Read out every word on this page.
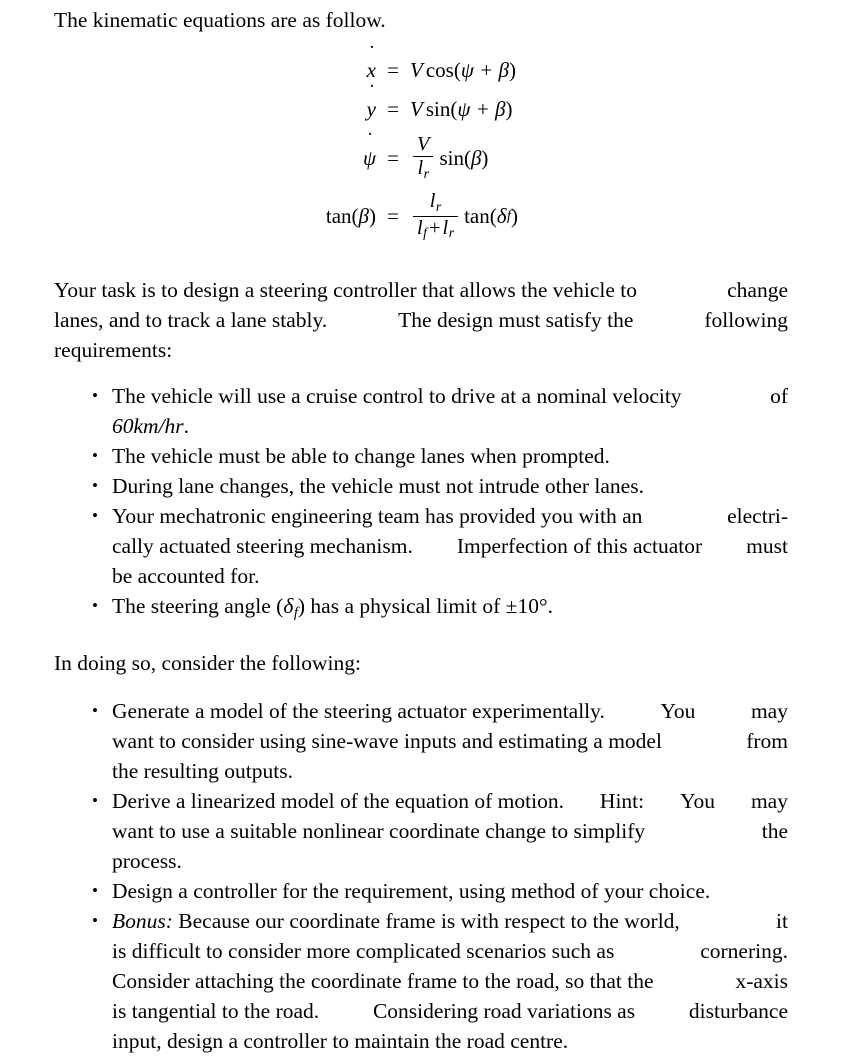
The kinematic equations are as follow.

x ˙ = V cos ( ψ + β )
y ˙ = V sin ( ψ + β )
ψ ˙ = $\frac{V}{l_r}$ sin ( β )
$\tan(\beta) = \frac{l_r}{l_f+l_r}$ tan ( δ f )

Your task is to design a steering controller that allows the vehicle to	change
lanes, and to track a lane stably.	The design must satisfy the	following
requirements:

• The vehicle will use a cruise control to drive at a nominal velocity	of
60km/hr.
• The vehicle must be able to change lanes when prompted.
• During lane changes, the vehicle must not intrude other lanes.
• Your mechatronic engineering team has provided you with an	electri-
cally actuated steering mechanism. Imperfection of this actuator must
be accounted for.
• The steering angle $(\delta_f)$ has a physical limit of ±10°.

In doing so, consider the following:

• Generate a model of the steering actuator experimentally.	You	may
want to consider using sine-wave inputs and estimating a model	from
the resulting outputs.
• Derive a linearized model of the equation of motion. Hint: You may
want to use a suitable nonlinear coordinate change to simplify	the
process.
• Design a controller for the requirement, using method of your choice.
• Bonus: Because our coordinate frame is with respect to the world,	it
is difficult to consider more complicated scenarios such as	cornering.
Consider attaching the coordinate frame to the road, so that the	x-axis
is tangential to the road.	Considering road variations as	disturbance
input, design a controller to maintain the road centre.
